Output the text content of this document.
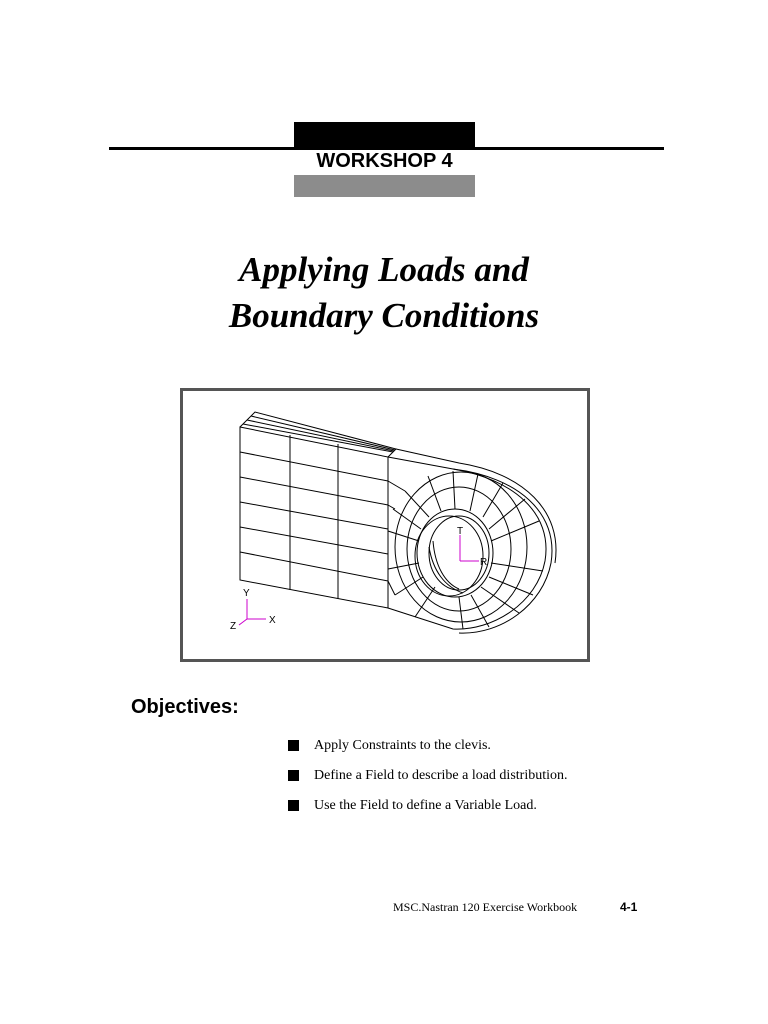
WORKSHOP 4
Applying Loads and
Boundary Conditions
T
R
Y
X
Z
Objectives:
Apply Constraints to the clevis.
Define a Field to describe a load distribution.
Use the Field to define a Variable Load.
MSC.Nastran 120 Exercise Workbook	4-1
